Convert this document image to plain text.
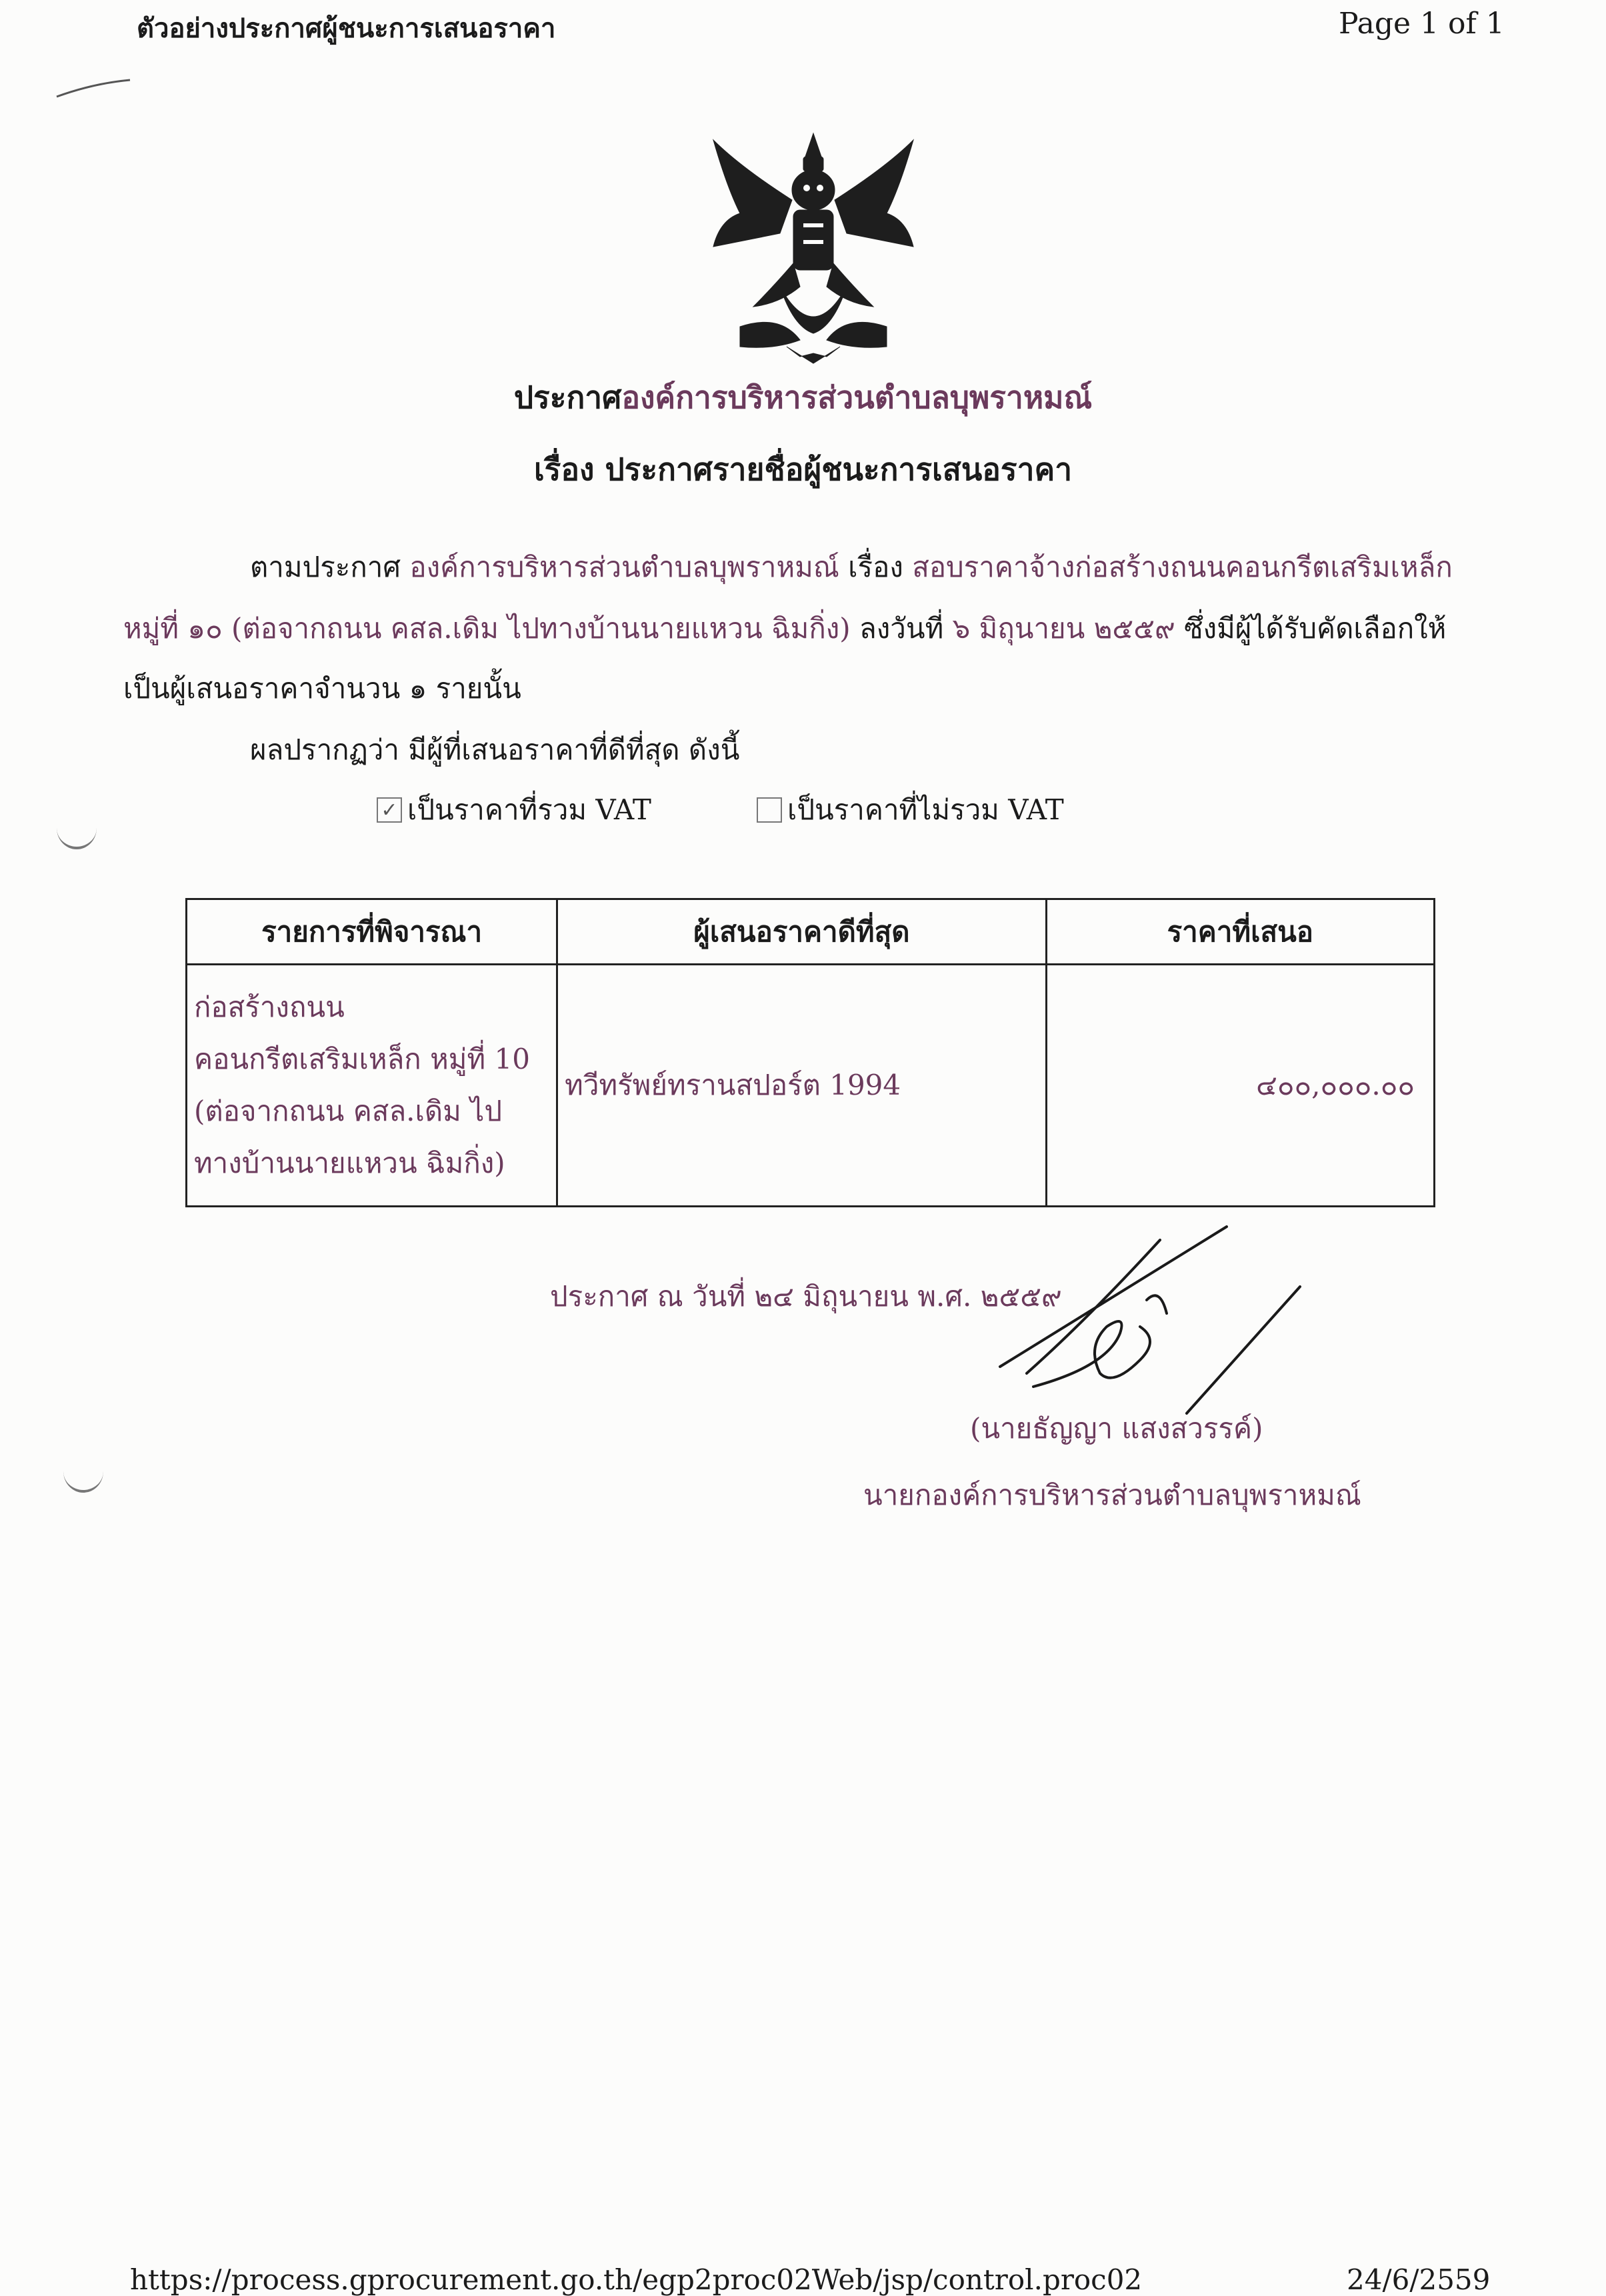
ตัวอย่างประกาศผู้ชนะการเสนอราคา	Page 1 of 1
ประกาศองค์การบริหารส่วนตำบลบุพราหมณ์
เรื่อง ประกาศรายชื่อผู้ชนะการเสนอราคา
ตามประกาศ องค์การบริหารส่วนตำบลบุพราหมณ์ เรื่อง สอบราคาจ้างก่อสร้างถนนคอนกรีตเสริมเหล็ก
หมู่ที่ ๑๐ (ต่อจากถนน คสล.เดิม ไปทางบ้านนายแหวน ฉิมกิ่ง) ลงวันที่ ๖ มิถุนายน ๒๕๕๙ ซึ่งมีผู้ได้รับคัดเลือกให้
เป็นผู้เสนอราคาจำนวน ๑ รายนั้น
ผลปรากฏว่า มีผู้ที่เสนอราคาที่ดีที่สุด ดังนี้
✓ เป็นราคาที่รวม VAT	เป็นราคาที่ไม่รวม VAT
รายการที่พิจารณา	ผู้เสนอราคาดีที่สุด	ราคาที่เสนอ

ก่อสร้างถนนคอนกรีตเสริมเหล็ก หมู่ที่ 10 (ต่อจากถนน คสล.เดิม ไปทางบ้านนายแหวน ฉิมกิ่ง)	ทวีทรัพย์ทรานสปอร์ต 1994	๔๐๐,๐๐๐.๐๐
ประกาศ ณ วันที่ ๒๔ มิถุนายน พ.ศ. ๒๕๕๙
(นายธัญญา แสงสวรรค์)
นายกองค์การบริหารส่วนตำบลบุพราหมณ์
https://process.gprocurement.go.th/egp2proc02Web/jsp/control.proc02	24/6/2559
